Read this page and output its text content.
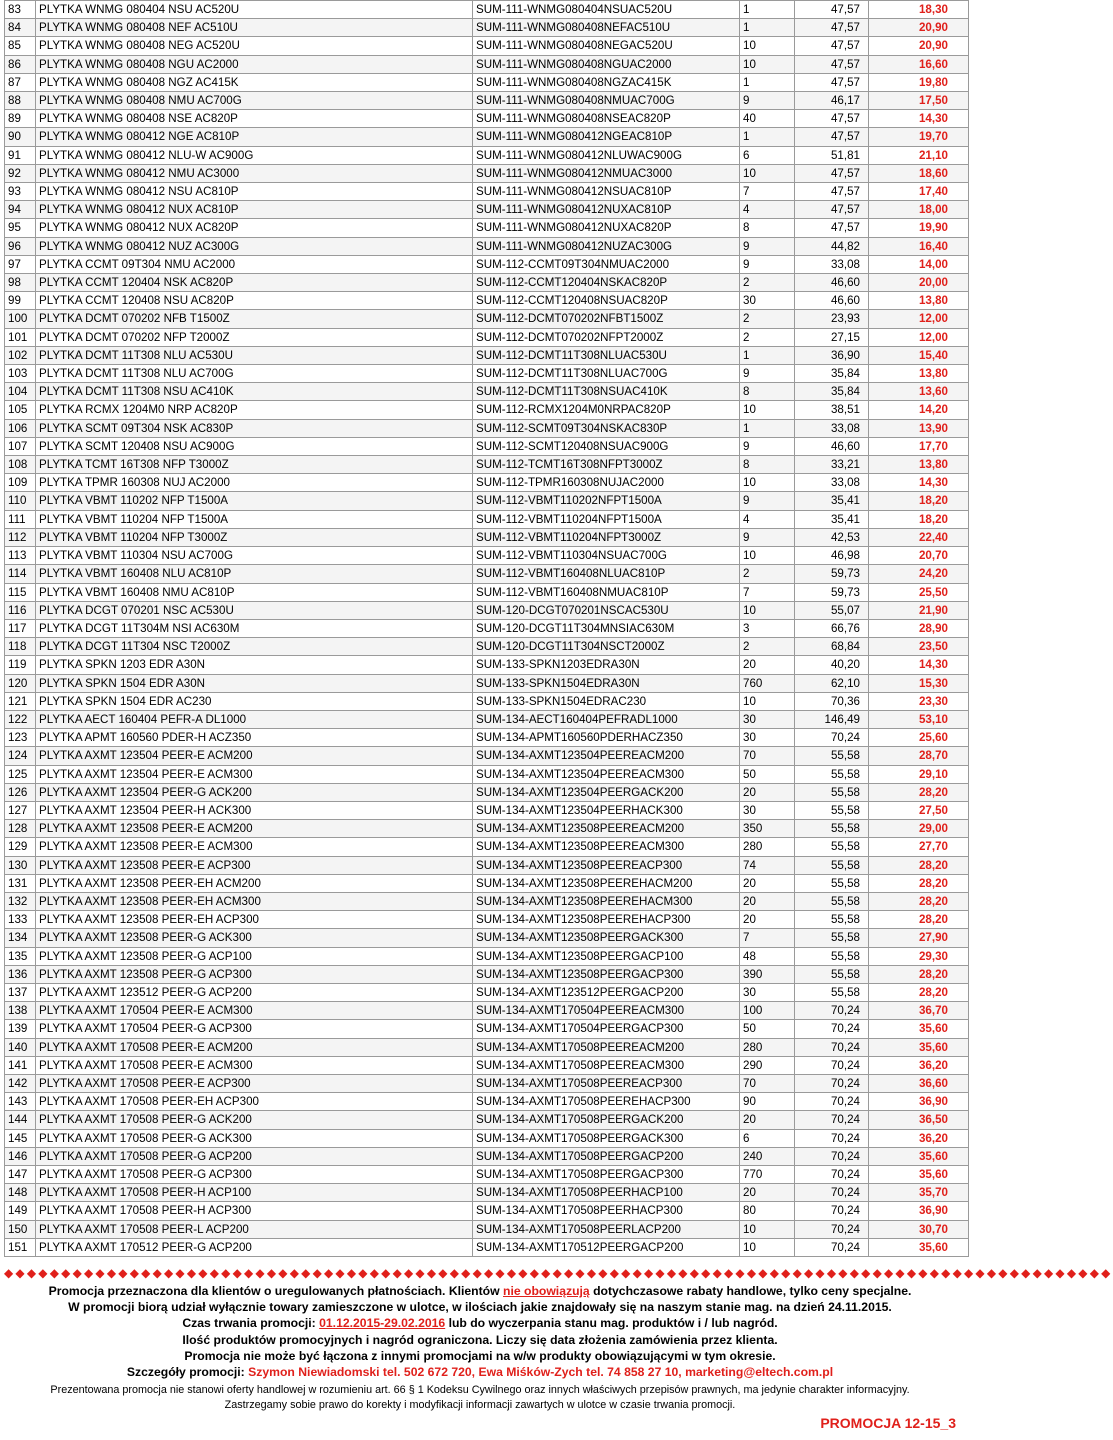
83	PLYTKA WNMG 080404 NSU AC520U	SUM-111-WNMG080404NSUAC520U	1	47,57	18,30
84	PLYTKA WNMG 080408 NEF AC510U	SUM-111-WNMG080408NEFAC510U	1	47,57	20,90
85	PLYTKA WNMG 080408 NEG AC520U	SUM-111-WNMG080408NEGAC520U	10	47,57	20,90
86	PLYTKA WNMG 080408 NGU AC2000	SUM-111-WNMG080408NGUAC2000	10	47,57	16,60
87	PLYTKA WNMG 080408 NGZ AC415K	SUM-111-WNMG080408NGZAC415K	1	47,57	19,80
88	PLYTKA WNMG 080408 NMU AC700G	SUM-111-WNMG080408NMUAC700G	9	46,17	17,50
89	PLYTKA WNMG 080408 NSE AC820P	SUM-111-WNMG080408NSEAC820P	40	47,57	14,30
90	PLYTKA WNMG 080412 NGE AC810P	SUM-111-WNMG080412NGEAC810P	1	47,57	19,70
91	PLYTKA WNMG 080412 NLU-W AC900G	SUM-111-WNMG080412NLUWAC900G	6	51,81	21,10
92	PLYTKA WNMG 080412 NMU AC3000	SUM-111-WNMG080412NMUAC3000	10	47,57	18,60
93	PLYTKA WNMG 080412 NSU AC810P	SUM-111-WNMG080412NSUAC810P	7	47,57	17,40
94	PLYTKA WNMG 080412 NUX AC810P	SUM-111-WNMG080412NUXAC810P	4	47,57	18,00
95	PLYTKA WNMG 080412 NUX AC820P	SUM-111-WNMG080412NUXAC820P	8	47,57	19,90
96	PLYTKA WNMG 080412 NUZ AC300G	SUM-111-WNMG080412NUZAC300G	9	44,82	16,40
97	PLYTKA CCMT 09T304 NMU AC2000	SUM-112-CCMT09T304NMUAC2000	9	33,08	14,00
98	PLYTKA CCMT 120404 NSK AC820P	SUM-112-CCMT120404NSKAC820P	2	46,60	20,00
99	PLYTKA CCMT 120408 NSU AC820P	SUM-112-CCMT120408NSUAC820P	30	46,60	13,80
100	PLYTKA DCMT 070202 NFB T1500Z	SUM-112-DCMT070202NFBT1500Z	2	23,93	12,00
101	PLYTKA DCMT 070202 NFP T2000Z	SUM-112-DCMT070202NFPT2000Z	2	27,15	12,00
102	PLYTKA DCMT 11T308 NLU AC530U	SUM-112-DCMT11T308NLUAC530U	1	36,90	15,40
103	PLYTKA DCMT 11T308 NLU AC700G	SUM-112-DCMT11T308NLUAC700G	9	35,84	13,80
104	PLYTKA DCMT 11T308 NSU AC410K	SUM-112-DCMT11T308NSUAC410K	8	35,84	13,60
105	PLYTKA RCMX 1204M0 NRP AC820P	SUM-112-RCMX1204M0NRPAC820P	10	38,51	14,20
106	PLYTKA SCMT 09T304 NSK AC830P	SUM-112-SCMT09T304NSKAC830P	1	33,08	13,90
107	PLYTKA SCMT 120408 NSU AC900G	SUM-112-SCMT120408NSUAC900G	9	46,60	17,70
108	PLYTKA TCMT 16T308 NFP T3000Z	SUM-112-TCMT16T308NFPT3000Z	8	33,21	13,80
109	PLYTKA TPMR 160308 NUJ AC2000	SUM-112-TPMR160308NUJAC2000	10	33,08	14,30
110	PLYTKA VBMT 110202 NFP T1500A	SUM-112-VBMT110202NFPT1500A	9	35,41	18,20
111	PLYTKA VBMT 110204 NFP T1500A	SUM-112-VBMT110204NFPT1500A	4	35,41	18,20
112	PLYTKA VBMT 110204 NFP T3000Z	SUM-112-VBMT110204NFPT3000Z	9	42,53	22,40
113	PLYTKA VBMT 110304 NSU AC700G	SUM-112-VBMT110304NSUAC700G	10	46,98	20,70
114	PLYTKA VBMT 160408 NLU AC810P	SUM-112-VBMT160408NLUAC810P	2	59,73	24,20
115	PLYTKA VBMT 160408 NMU AC810P	SUM-112-VBMT160408NMUAC810P	7	59,73	25,50
116	PLYTKA DCGT 070201 NSC AC530U	SUM-120-DCGT070201NSCAC530U	10	55,07	21,90
117	PLYTKA DCGT 11T304M NSI AC630M	SUM-120-DCGT11T304MNSIAC630M	3	66,76	28,90
118	PLYTKA DCGT 11T304 NSC T2000Z	SUM-120-DCGT11T304NSCT2000Z	2	68,84	23,50
119	PLYTKA SPKN 1203 EDR A30N	SUM-133-SPKN1203EDRA30N	20	40,20	14,30
120	PLYTKA SPKN 1504 EDR A30N	SUM-133-SPKN1504EDRA30N	760	62,10	15,30
121	PLYTKA SPKN 1504 EDR AC230	SUM-133-SPKN1504EDRAC230	10	70,36	23,30
122	PLYTKA AECT 160404 PEFR-A DL1000	SUM-134-AECT160404PEFRADL1000	30	146,49	53,10
123	PLYTKA APMT 160560 PDER-H ACZ350	SUM-134-APMT160560PDERHACZ350	30	70,24	25,60
124	PLYTKA AXMT 123504 PEER-E ACM200	SUM-134-AXMT123504PEEREACM200	70	55,58	28,70
125	PLYTKA AXMT 123504 PEER-E ACM300	SUM-134-AXMT123504PEEREACM300	50	55,58	29,10
126	PLYTKA AXMT 123504 PEER-G ACK200	SUM-134-AXMT123504PEERGACK200	20	55,58	28,20
127	PLYTKA AXMT 123504 PEER-H ACK300	SUM-134-AXMT123504PEERHACK300	30	55,58	27,50
128	PLYTKA AXMT 123508 PEER-E ACM200	SUM-134-AXMT123508PEEREACM200	350	55,58	29,00
129	PLYTKA AXMT 123508 PEER-E ACM300	SUM-134-AXMT123508PEEREACM300	280	55,58	27,70
130	PLYTKA AXMT 123508 PEER-E ACP300	SUM-134-AXMT123508PEEREACP300	74	55,58	28,20
131	PLYTKA AXMT 123508 PEER-EH ACM200	SUM-134-AXMT123508PEEREHACM200	20	55,58	28,20
132	PLYTKA AXMT 123508 PEER-EH ACM300	SUM-134-AXMT123508PEEREHACM300	20	55,58	28,20
133	PLYTKA AXMT 123508 PEER-EH ACP300	SUM-134-AXMT123508PEEREHACP300	20	55,58	28,20
134	PLYTKA AXMT 123508 PEER-G ACK300	SUM-134-AXMT123508PEERGACK300	7	55,58	27,90
135	PLYTKA AXMT 123508 PEER-G ACP100	SUM-134-AXMT123508PEERGACP100	48	55,58	29,30
136	PLYTKA AXMT 123508 PEER-G ACP300	SUM-134-AXMT123508PEERGACP300	390	55,58	28,20
137	PLYTKA AXMT 123512 PEER-G ACP200	SUM-134-AXMT123512PEERGACP200	30	55,58	28,20
138	PLYTKA AXMT 170504 PEER-E ACM300	SUM-134-AXMT170504PEEREACM300	100	70,24	36,70
139	PLYTKA AXMT 170504 PEER-G ACP300	SUM-134-AXMT170504PEERGACP300	50	70,24	35,60
140	PLYTKA AXMT 170508 PEER-E ACM200	SUM-134-AXMT170508PEEREACM200	280	70,24	35,60
141	PLYTKA AXMT 170508 PEER-E ACM300	SUM-134-AXMT170508PEEREACM300	290	70,24	36,20
142	PLYTKA AXMT 170508 PEER-E ACP300	SUM-134-AXMT170508PEEREACP300	70	70,24	36,60
143	PLYTKA AXMT 170508 PEER-EH ACP300	SUM-134-AXMT170508PEEREHACP300	90	70,24	36,90
144	PLYTKA AXMT 170508 PEER-G ACK200	SUM-134-AXMT170508PEERGACK200	20	70,24	36,50
145	PLYTKA AXMT 170508 PEER-G ACK300	SUM-134-AXMT170508PEERGACK300	6	70,24	36,20
146	PLYTKA AXMT 170508 PEER-G ACP200	SUM-134-AXMT170508PEERGACP200	240	70,24	35,60
147	PLYTKA AXMT 170508 PEER-G ACP300	SUM-134-AXMT170508PEERGACP300	770	70,24	35,60
148	PLYTKA AXMT 170508 PEER-H ACP100	SUM-134-AXMT170508PEERHACP100	20	70,24	35,70
149	PLYTKA AXMT 170508 PEER-H ACP300	SUM-134-AXMT170508PEERHACP300	80	70,24	36,90
150	PLYTKA AXMT 170508 PEER-L ACP200	SUM-134-AXMT170508PEERLACP200	10	70,24	30,70
151	PLYTKA AXMT 170512 PEER-G ACP200	SUM-134-AXMT170512PEERGACP200	10	70,24	35,60
◆◆◆◆◆◆◆◆◆◆◆◆◆◆◆◆◆◆◆◆◆◆◆◆◆◆◆◆◆◆◆◆◆◆◆◆◆◆◆◆◆◆◆◆◆◆◆◆◆◆◆◆◆◆◆◆◆◆◆◆◆◆◆◆◆◆◆◆◆◆◆◆◆◆◆◆◆◆◆◆◆◆◆◆◆◆◆◆◆◆◆◆◆◆◆◆◆
Promocja przeznaczona dla klientów o uregulowanych płatnościach. Klientów nie obowiązują dotychczasowe rabaty handlowe, tylko ceny specjalne.
W promocji biorą udział wyłącznie towary zamieszczone w ulotce, w ilościach jakie znajdowały się na naszym stanie mag. na dzień 24.11.2015.
Czas trwania promocji: 01.12.2015-29.02.2016 lub do wyczerpania stanu mag. produktów i / lub nagród.
Ilość produktów promocyjnych i nagród ograniczona. Liczy się data złożenia zamówienia przez klienta.
Promocja nie może być łączona z innymi promocjami na w/w produkty obowiązującymi w tym okresie.
Szczegóły promocji: Szymon Niewiadomski tel. 502 672 720, Ewa Miśków-Zych tel. 74 858 27 10, marketing@eltech.com.pl
Prezentowana promocja nie stanowi oferty handlowej w rozumieniu art. 66 § 1 Kodeksu Cywilnego oraz innych właściwych przepisów prawnych, ma jedynie charakter informacyjny.
Zastrzegamy sobie prawo do korekty i modyfikacji informacji zawartych w ulotce w czasie trwania promocji.
PROMOCJA 12-15_3
